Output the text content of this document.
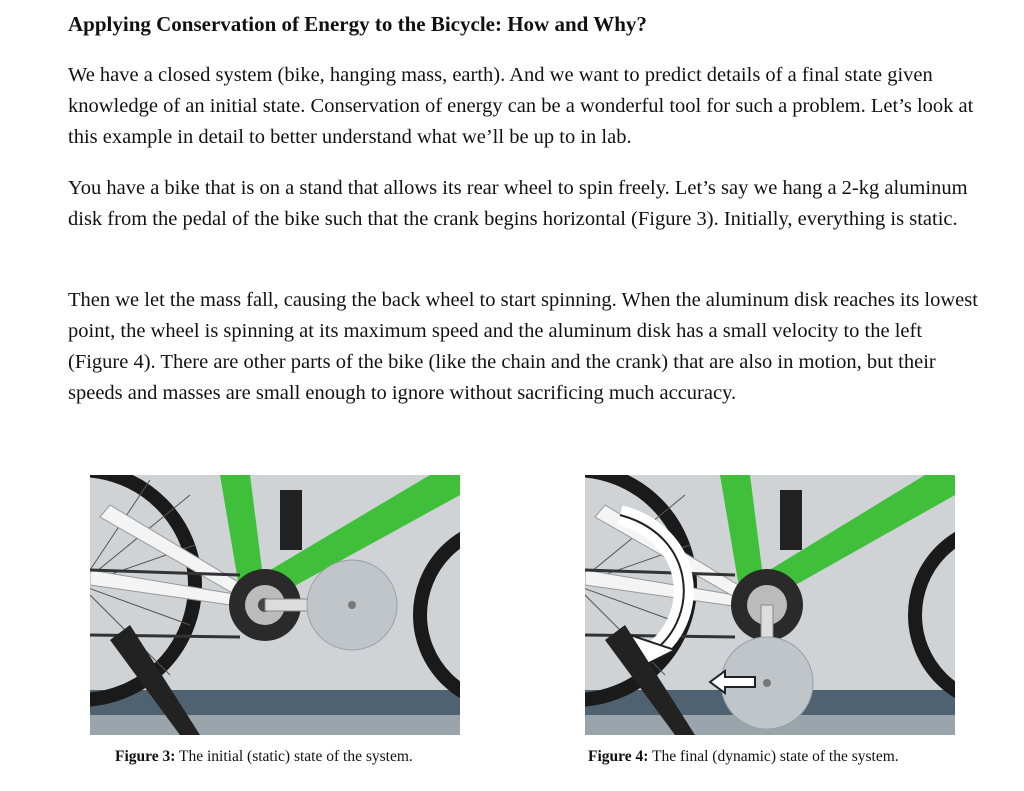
Applying Conservation of Energy to the Bicycle: How and Why?
We have a closed system (bike, hanging mass, earth). And we want to predict details of a final state given knowledge of an initial state. Conservation of energy can be a wonderful tool for such a problem. Let’s look at this example in detail to better understand what we’ll be up to in lab.
You have a bike that is on a stand that allows its rear wheel to spin freely. Let’s say we hang a 2-kg aluminum disk from the pedal of the bike such that the crank begins horizontal (Figure 3). Initially, everything is static.
Then we let the mass fall, causing the back wheel to start spinning. When the aluminum disk reaches its lowest point, the wheel is spinning at its maximum speed and the aluminum disk has a small velocity to the left (Figure 4). There are other parts of the bike (like the chain and the crank) that are also in motion, but their speeds and masses are small enough to ignore without sacrificing much accuracy.
Figure 3: The initial (static) state of the system.	Figure 4: The final (dynamic) state of the system.
